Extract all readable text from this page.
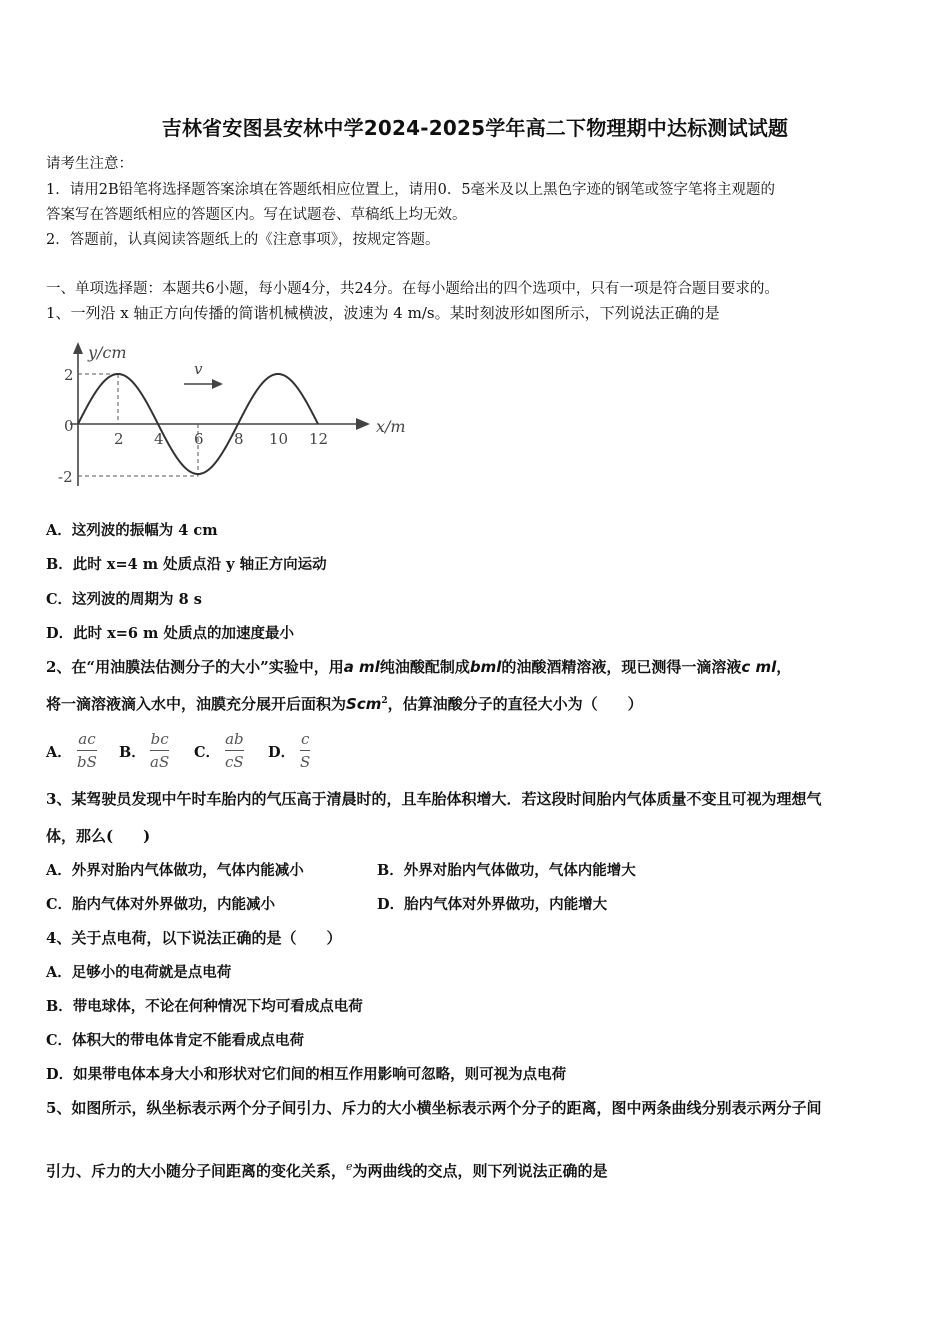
吉林省安图县安林中学2024-2025学年高二下物理期中达标测试试题
请考生注意：
1．请用2B铅笔将选择题答案涂填在答题纸相应位置上，请用0．5毫米及以上黑色字迹的钢笔或签字笔将主观题的
答案写在答题纸相应的答题区内。写在试题卷、草稿纸上均无效。
2．答题前，认真阅读答题纸上的《注意事项》，按规定答题。
一、单项选择题：本题共6小题，每小题4分，共24分。在每小题给出的四个选项中，只有一项是符合题目要求的。
1、一列沿 x 轴正方向传播的简谐机械横波，波速为 4 m/s。某时刻波形如图所示，下列说法正确的是
v
y/cm
x/m
2
0
-2
2 4 6 8 10 12
A．这列波的振幅为 4 cm
B．此时 x=4 m 处质点沿 y 轴正方向运动
C．这列波的周期为 8 s
D．此时 x=6 m 处质点的加速度最小
2、在“用油膜法估测分子的大小”实验中，用a ml纯油酸配制成bml的油酸酒精溶液，现已测得一滴溶液c ml，
将一滴溶液滴入水中，油膜充分展开后面积为Scm$^2$，估算油酸分子的直径大小为（　　）
A．
ac
bS
B．
bc
aS
C．
ab
cS
D．
c
S
3、某驾驶员发现中午时车胎内的气压高于清晨时的，且车胎体积增大．若这段时间胎内气体质量不变且可视为理想气
体，那么(　　)
A．外界对胎内气体做功，气体内能减小	B．外界对胎内气体做功，气体内能增大
C．胎内气体对外界做功，内能减小	D．胎内气体对外界做功，内能增大
4、关于点电荷，以下说法正确的是（　　）
A．足够小的电荷就是点电荷
B．带电球体，不论在何种情况下均可看成点电荷
C．体积大的带电体肯定不能看成点电荷
D．如果带电体本身大小和形状对它们间的相互作用影响可忽略，则可视为点电荷
5、如图所示，纵坐标表示两个分子间引力、斥力的大小横坐标表示两个分子的距离，图中两条曲线分别表示两分子间
引力、斥力的大小随分子间距离的变化关系，$^e$为两曲线的交点，则下列说法正确的是
